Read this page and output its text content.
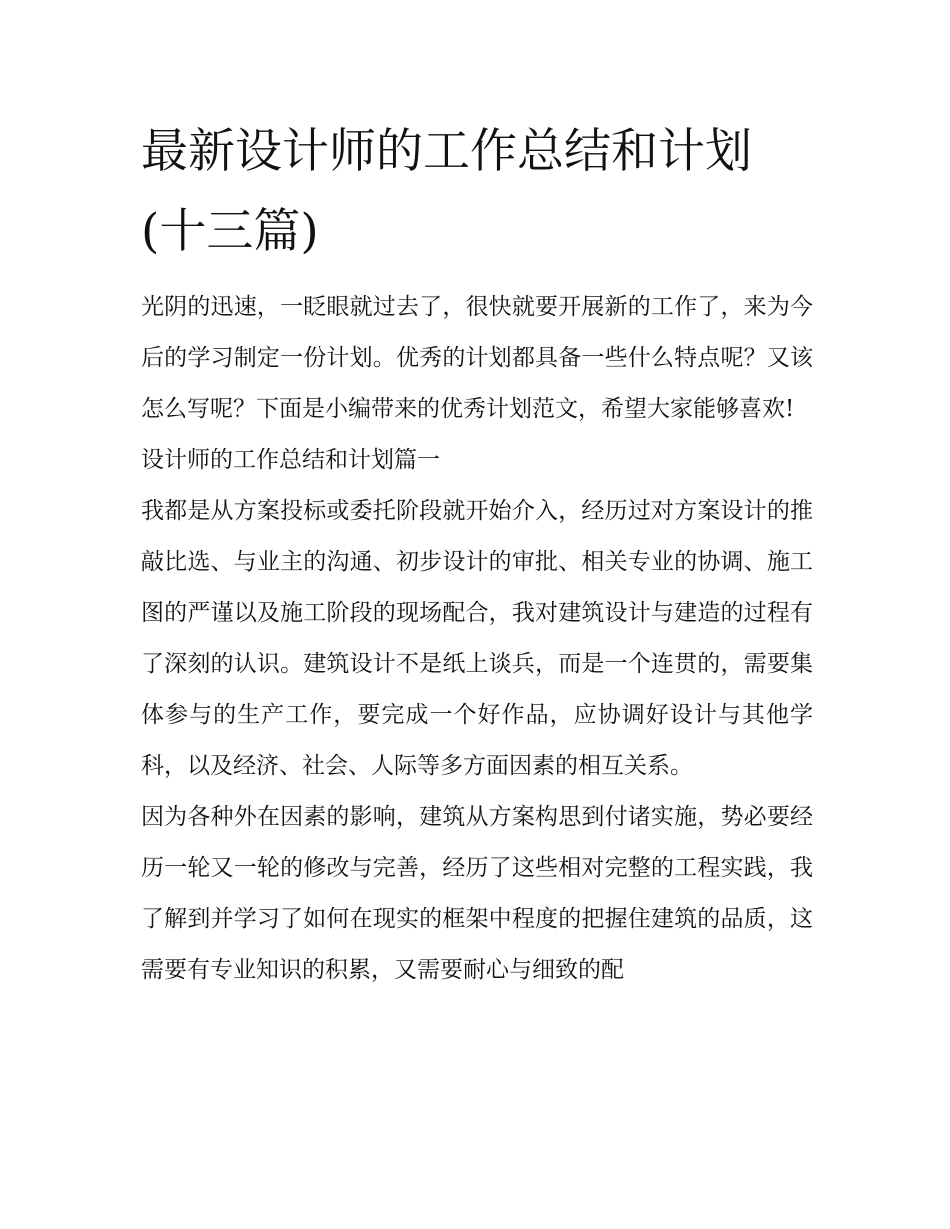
最新设计师的工作总结和计划
(十三篇)

光阴的迅速，一眨眼就过去了，很快就要开展新的工作了，来为今后的学习制定一份计划。优秀的计划都具备一些什么特点呢？又该怎么写呢？下面是小编带来的优秀计划范文，希望大家能够喜欢!

设计师的工作总结和计划篇一

我都是从方案投标或委托阶段就开始介入，经历过对方案设计的推敲比选、与业主的沟通、初步设计的审批、相关专业的协调、施工图的严谨以及施工阶段的现场配合，我对建筑设计与建造的过程有了深刻的认识。建筑设计不是纸上谈兵，而是一个连贯的，需要集体参与的生产工作，要完成一个好作品，应协调好设计与其他学科，以及经济、社会、人际等多方面因素的相互关系。

因为各种外在因素的影响，建筑从方案构思到付诸实施，势必要经历一轮又一轮的修改与完善，经历了这些相对完整的工程实践，我了解到并学习了如何在现实的框架中程度的把握住建筑的品质，这需要有专业知识的积累，又需要耐心与细致的配
